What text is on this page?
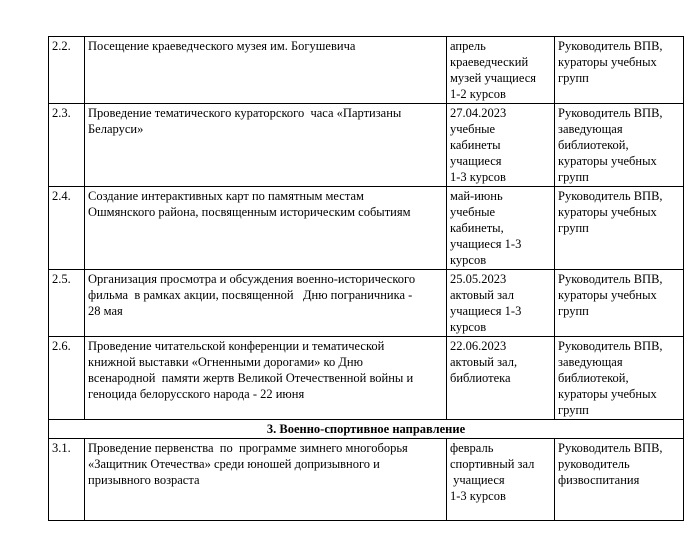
2.2.	Посещение краеведческого музея им. Богушевича	апрель
краеведческий
музей учащиеся
1-2 курсов	Руководитель ВПВ,
кураторы учебных
групп

2.3.	Проведение тематического кураторского  часа «Партизаны
Беларуси»	27.04.2023
учебные
кабинеты
учащиеся
1-3 курсов	Руководитель ВПВ,
заведующая
библиотекой,
кураторы учебных
групп

2.4.	Создание интерактивных карт по памятным местам
Ошмянского района, посвященным историческим событиям	май-июнь
учебные
кабинеты,
учащиеся 1-3
курсов	Руководитель ВПВ,
кураторы учебных
групп

2.5.	Организация просмотра и обсуждения военно-исторического
фильма  в рамках акции, посвященной   Дню пограничника -
28 мая	25.05.2023
актовый зал
учащиеся 1-3
курсов	Руководитель ВПВ,
кураторы учебных
групп

2.6.	Проведение читательской конференции и тематической
книжной выставки «Огненными дорогами» ко Дню
всенародной  памяти жертв Великой Отечественной войны и
геноцида белорусского народа - 22 июня	22.06.2023
актовый зал,
библиотека	Руководитель ВПВ,
заведующая
библиотекой,
кураторы учебных
групп

3. Военно-спортивное направление			
3.1.	Проведение первенства  по  программе зимнего многоборья
«Защитник Отечества» среди юношей допризывного и
призывного возраста	февраль
спортивный зал
учащиеся
1-3 курсов	Руководитель ВПВ,
руководитель
физвоспитания
